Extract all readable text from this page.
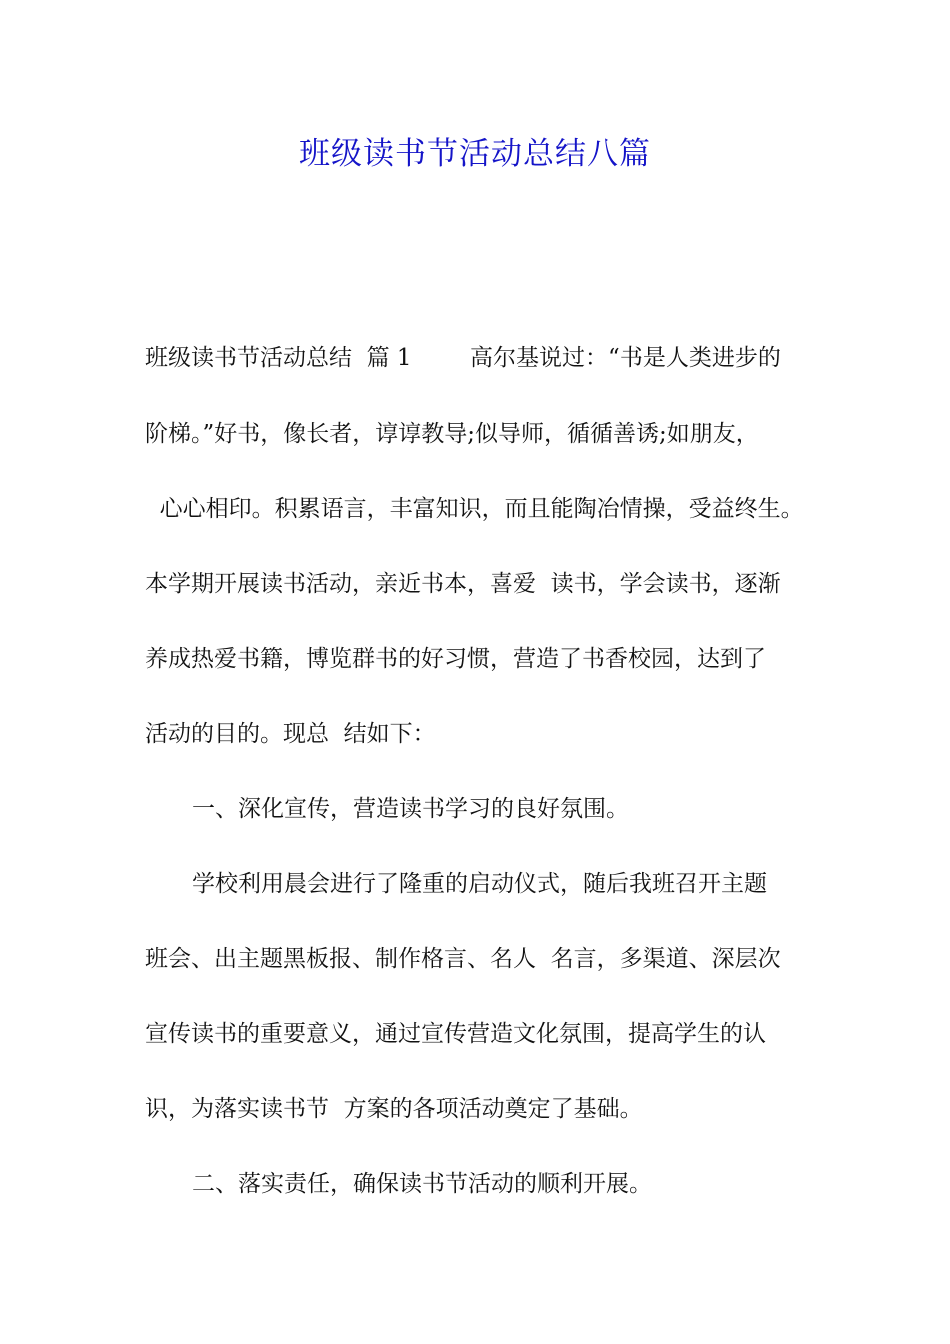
班级读书节活动总结八篇

班级读书节活动总结  篇 1        高尔基说过：“书是人类进步的

阶梯。”好书，像长者，谆谆教导;似导师，循循善诱;如朋友，

心心相印。积累语言，丰富知识，而且能陶冶情操，受益终生。

本学期开展读书活动，亲近书本，喜爱  读书，学会读书，逐渐

养成热爱书籍，博览群书的好习惯，营造了书香校园，达到了

活动的目的。现总  结如下：

一、深化宣传，营造读书学习的良好氛围。

学校利用晨会进行了隆重的启动仪式，随后我班召开主题

班会、出主题黑板报、制作格言、名人  名言，多渠道、深层次

宣传读书的重要意义，通过宣传营造文化氛围，提高学生的认

识，为落实读书节  方案的各项活动奠定了基础。

二、落实责任，确保读书节活动的顺利开展。
